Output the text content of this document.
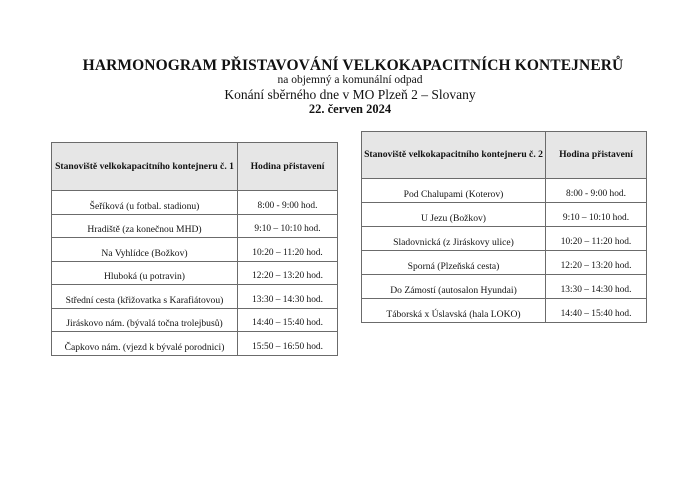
HARMONOGRAM PŘISTAVOVÁNÍ VELKOKAPACITNÍCH KONTEJNERŮ
na objemný a komunální odpad
Konání sběrného dne v MO Plzeň 2 – Slovany
22. červen 2024
Stanoviště velkokapacitního kontejneru č. 1	Hodina přistavení
Šeříková (u fotbal. stadionu)	8:00 - 9:00 hod.
Hradiště (za konečnou MHD)	9:10 – 10:10 hod.
Na Vyhlídce (Božkov)	10:20 – 11:20 hod.
Hluboká (u potravin)	12:20 – 13:20 hod.
Střední cesta (křižovatka s Karafiátovou)	13:30 – 14:30 hod.
Jiráskovo nám. (bývalá točna trolejbusů)	14:40 – 15:40 hod.
Čapkovo nám. (vjezd k bývalé porodnici)	15:50 – 16:50 hod.
Stanoviště velkokapacitního kontejneru č. 2	Hodina přistavení
Pod Chalupami (Koterov)	8:00 - 9:00 hod.
U Jezu (Božkov)	9:10 – 10:10 hod.
Sladovnická (z Jiráskovy ulice)	10:20 – 11:20 hod.
Sporná (Plzeňská cesta)	12:20 – 13:20 hod.
Do Zámostí (autosalon Hyundai)	13:30 – 14:30 hod.
Táborská x Úslavská (hala LOKO)	14:40 – 15:40 hod.
